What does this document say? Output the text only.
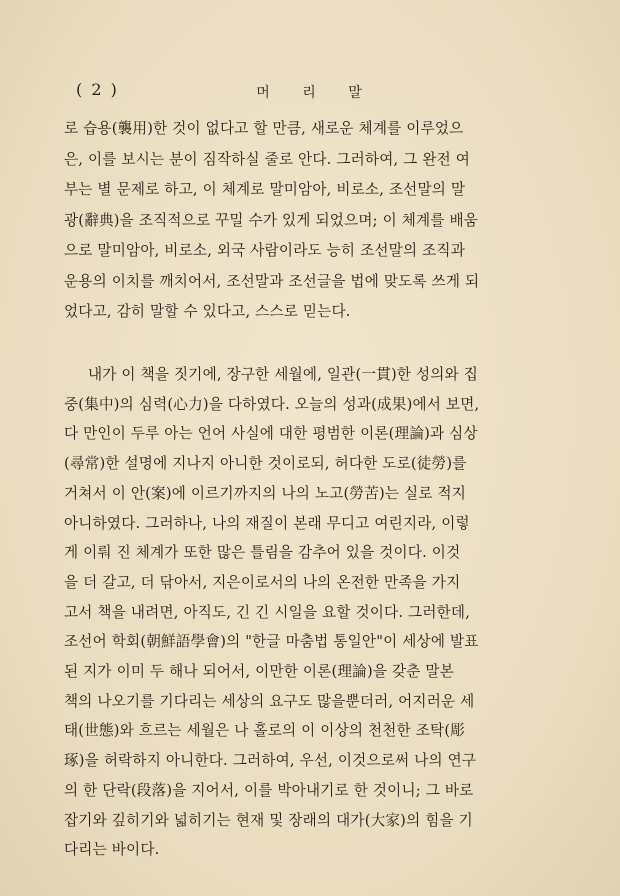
( 2 )	머 리 말
로 습용(襲用)한 것이 없다고 할 만큼, 새로운 체계를 이루었으
은, 이를 보시는 분이 짐작하실 줄로 안다. 그러하여, 그 완전 여
부는 별 문제로 하고, 이 체계로 말미암아, 비로소, 조선말의 말
광(辭典)을 조직적으로 꾸밀 수가 있게 되었으며; 이 체계를 배움
으로 말미암아, 비로소, 외국 사람이라도 능히 조선말의 조직과
운용의 이치를 깨치어서, 조선말과 조선글을 법에 맞도록 쓰게 되
었다고, 감히 말할 수 있다고, 스스로 믿는다.
내가 이 책을 짓기에, 장구한 세월에, 일관(一貫)한 성의와 집
중(集中)의 심력(心力)을 다하였다. 오늘의 성과(成果)에서 보면,
다 만인이 두루 아는 언어 사실에 대한 평범한 이론(理論)과 심상
(尋常)한 설명에 지나지 아니한 것이로되, 허다한 도로(徒勞)를
거쳐서 이 안(案)에 이르기까지의 나의 노고(勞苦)는 실로 적지
아니하였다. 그러하나, 나의 재질이 본래 무디고 여린지라, 이렇
게 이뤄 진 체계가 또한 많은 틀림을 감추어 있을 것이다. 이것
을 더 갈고, 더 닦아서, 지은이로서의 나의 온전한 만족을 가지
고서 책을 내려면, 아직도, 긴 긴 시일을 요할 것이다. 그러한데,
조선어 학회(朝鮮語學會)의 "한글 마춤법 통일안"이 세상에 발표
된 지가 이미 두 해나 되어서, 이만한 이론(理論)을 갖춘 말본
책의 나오기를 기다리는 세상의 요구도 많을뿐더러, 어지러운 세
태(世態)와 흐르는 세월은 나 홀로의 이 이상의 천천한 조탁(彫
琢)을 허락하지 아니한다. 그러하여, 우선, 이것으로써 나의 연구
의 한 단락(段落)을 지어서, 이를 박아내기로 한 것이니; 그 바로
잡기와 깊히기와 넓히기는 현재 및 장래의 대가(大家)의 힘을 기
다리는 바이다.
